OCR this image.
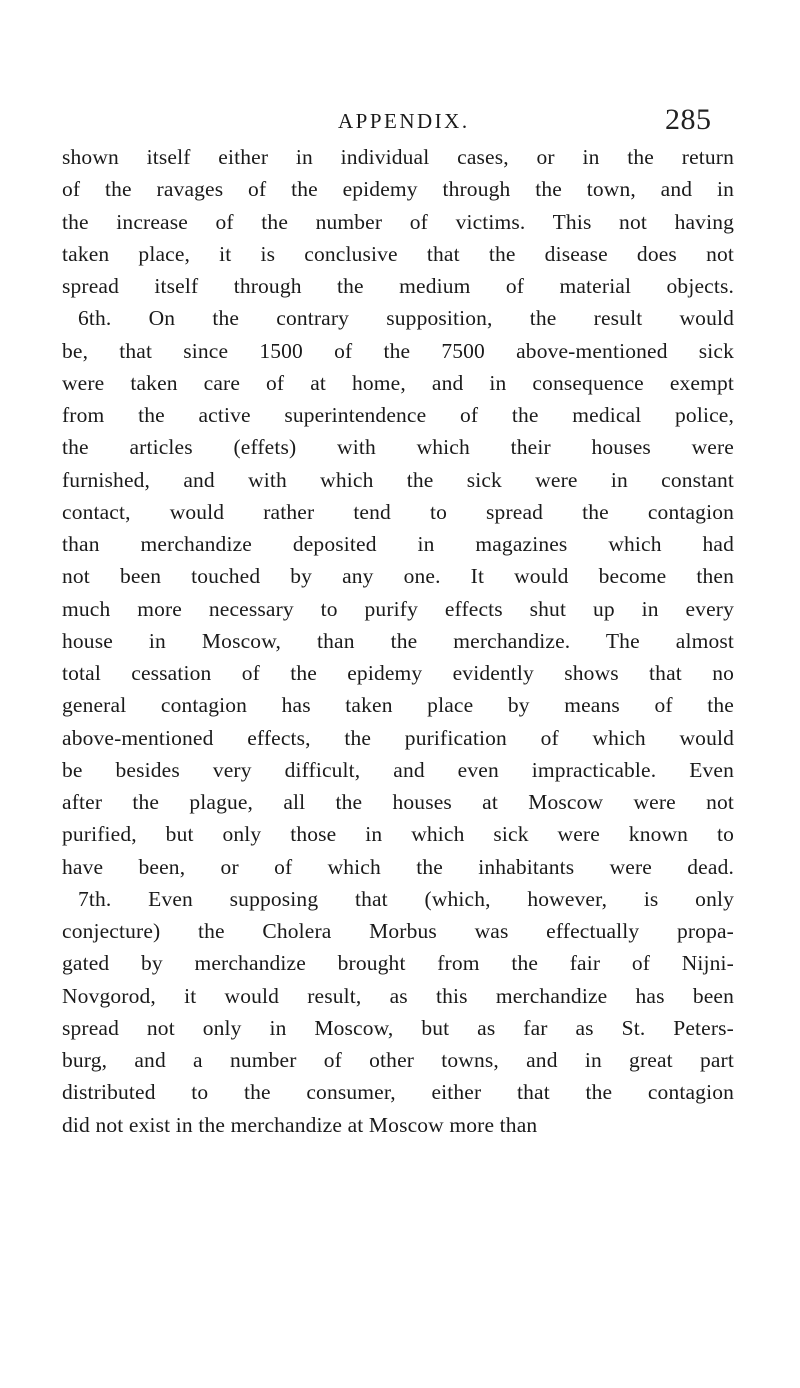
APPENDIX.	285
shown itself either in individual cases, or in the return
of the ravages of the epidemy through the town, and in
the increase of the number of victims. This not having
taken place, it is conclusive that the disease does not
spread itself through the medium of material objects.
6th. On the contrary supposition, the result would
be, that since 1500 of the 7500 above-mentioned sick
were taken care of at home, and in consequence exempt
from the active superintendence of the medical police,
the articles (effets) with which their houses were
furnished, and with which the sick were in constant
contact, would rather tend to spread the contagion
than merchandize deposited in magazines which had
not been touched by any one. It would become then
much more necessary to purify effects shut up in every
house in Moscow, than the merchandize. The almost
total cessation of the epidemy evidently shows that no
general contagion has taken place by means of the
above-mentioned effects, the purification of which would
be besides very difficult, and even impracticable. Even
after the plague, all the houses at Moscow were not
purified, but only those in which sick were known to
have been, or of which the inhabitants were dead.
7th. Even supposing that (which, however, is only
conjecture) the Cholera Morbus was effectually propa-
gated by merchandize brought from the fair of Nijni-
Novgorod, it would result, as this merchandize has been
spread not only in Moscow, but as far as St. Peters-
burg, and a number of other towns, and in great part
distributed to the consumer, either that the contagion
did not exist in the merchandize at Moscow more than
